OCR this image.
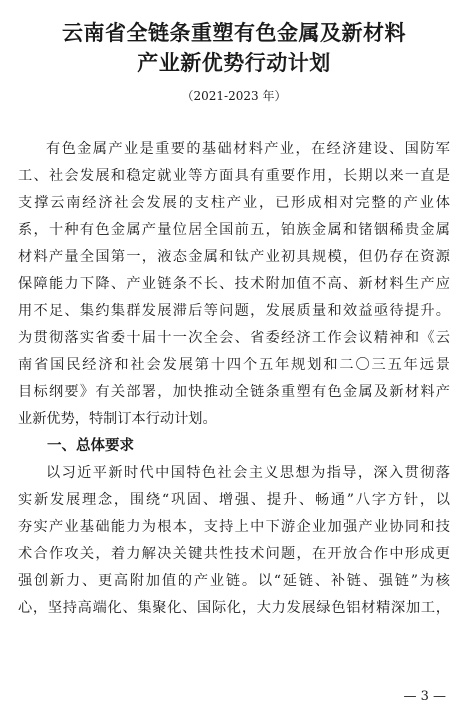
云南省全链条重塑有色金属及新材料
产业新优势行动计划
（2021-2023 年）
有色金属产业是重要的基础材料产业，在经济建设、国防军
工、社会发展和稳定就业等方面具有重要作用，长期以来一直是
支撑云南经济社会发展的支柱产业，已形成相对完整的产业体
系，十种有色金属产量位居全国前五，铂族金属和锗铟稀贵金属
材料产量全国第一，液态金属和钛产业初具规模，但仍存在资源
保障能力下降、产业链条不长、技术附加值不高、新材料生产应
用不足、集约集群发展滞后等问题，发展质量和效益亟待提升。
为贯彻落实省委十届十一次全会、省委经济工作会议精神和《云
南省国民经济和社会发展第十四个五年规划和二〇三五年远景
目标纲要》有关部署，加快推动全链条重塑有色金属及新材料产
业新优势，特制订本行动计划。
一、总体要求
以习近平新时代中国特色社会主义思想为指导，深入贯彻落
实新发展理念，围绕“巩固、增强、提升、畅通”八字方针，以
夯实产业基础能力为根本，支持上中下游企业加强产业协同和技
术合作攻关，着力解决关键共性技术问题，在开放合作中形成更
强创新力、更高附加值的产业链。以“延链、补链、强链”为核
心，坚持高端化、集聚化、国际化，大力发展绿色铝材精深加工，
— 3 —
